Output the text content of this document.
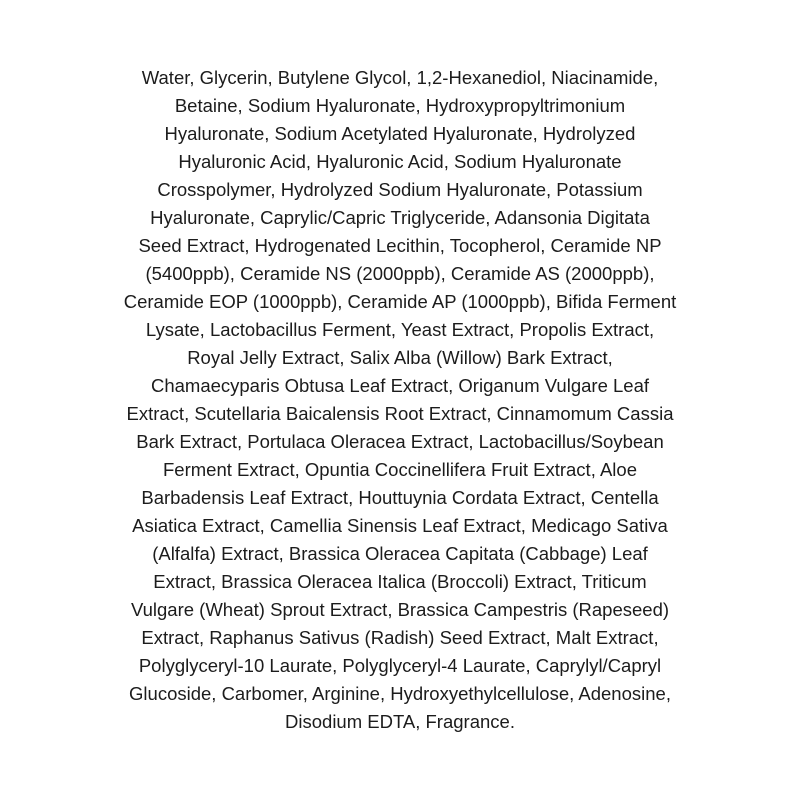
Water, Glycerin, Butylene Glycol, 1,2-Hexanediol, Niacinamide,
Betaine, Sodium Hyaluronate, Hydroxypropyltrimonium
Hyaluronate, Sodium Acetylated Hyaluronate, Hydrolyzed
Hyaluronic Acid, Hyaluronic Acid, Sodium Hyaluronate
Crosspolymer, Hydrolyzed Sodium Hyaluronate, Potassium
Hyaluronate, Caprylic/Capric Triglyceride, Adansonia Digitata
Seed Extract, Hydrogenated Lecithin, Tocopherol, Ceramide NP
(5400ppb), Ceramide NS (2000ppb), Ceramide AS (2000ppb),
Ceramide EOP (1000ppb), Ceramide AP (1000ppb), Bifida Ferment
Lysate, Lactobacillus Ferment, Yeast Extract, Propolis Extract,
Royal Jelly Extract, Salix Alba (Willow) Bark Extract,
Chamaecyparis Obtusa Leaf Extract, Origanum Vulgare Leaf
Extract, Scutellaria Baicalensis Root Extract, Cinnamomum Cassia
Bark Extract, Portulaca Oleracea Extract, Lactobacillus/Soybean
Ferment Extract, Opuntia Coccinellifera Fruit Extract, Aloe
Barbadensis Leaf Extract, Houttuynia Cordata Extract, Centella
Asiatica Extract, Camellia Sinensis Leaf Extract, Medicago Sativa
(Alfalfa) Extract, Brassica Oleracea Capitata (Cabbage) Leaf
Extract, Brassica Oleracea Italica (Broccoli) Extract, Triticum
Vulgare (Wheat) Sprout Extract, Brassica Campestris (Rapeseed)
Extract, Raphanus Sativus (Radish) Seed Extract, Malt Extract,
Polyglyceryl-10 Laurate, Polyglyceryl-4 Laurate, Caprylyl/Capryl
Glucoside, Carbomer, Arginine, Hydroxyethylcellulose, Adenosine,
Disodium EDTA, Fragrance.
